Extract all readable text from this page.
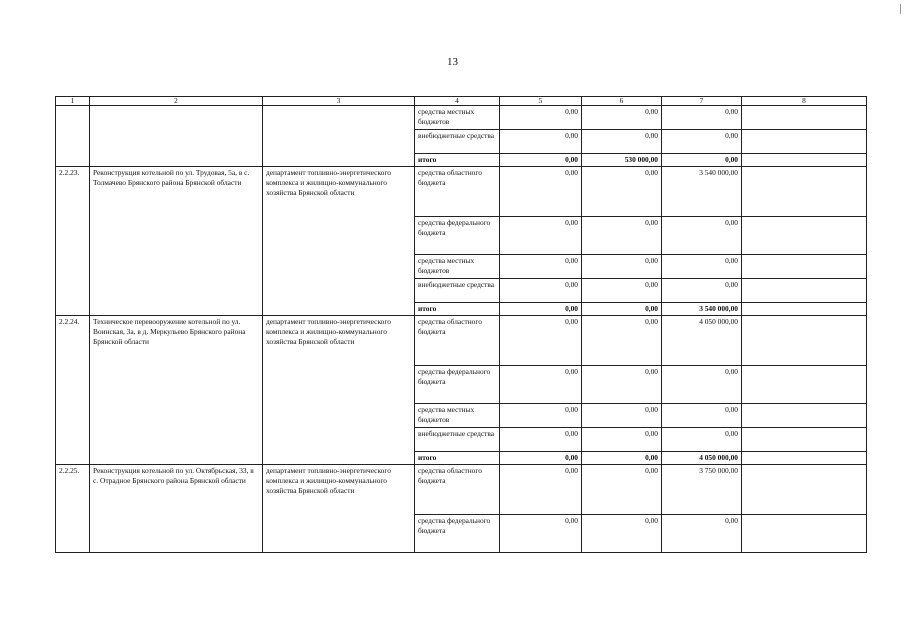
13
1	2	3	4	5	6	7	8
			средства местных бюджетов	0,00	0,00	0,00	
			внебюджетные средства	0,00	0,00	0,00	
			итого	0,00	530 000,00	0,00	
2.2.23.	Реконструкция котельной по ул. Трудовая, 5а, в с. Толмачево Брянского района Брянской области	департамент топливно-энергетического комплекса и жилищно-коммунального хозяйства Брянской области	средства областного бюджета	0,00	0,00	3 540 000,00	
			средства федерального бюджета	0,00	0,00	0,00	
			средства местных бюджетов	0,00	0,00	0,00	
			внебюджетные средства	0,00	0,00	0,00	
			итого	0,00	0,00	3 540 000,00	
2.2.24.	Техническое перевооружение котельной по ул. Воинская, 3а, в д. Меркульево Брянского района Брянской области	департамент топливно-энергетического комплекса и жилищно-коммунального хозяйства Брянской области	средства областного бюджета	0,00	0,00	4 050 000,00	
			средства федерального бюджета	0,00	0,00	0,00	
			средства местных бюджетов	0,00	0,00	0,00	
			внебюджетные средства	0,00	0,00	0,00	
			итого	0,00	0,00	4 050 000,00	
2.2.25.	Реконструкция котельной по ул. Октябрьская, 33, в с. Отрадное Брянского района Брянской области	департамент топливно-энергетического комплекса и жилищно-коммунального хозяйства Брянской области	средства областного бюджета	0,00	0,00	3 750 000,00	
			средства федерального бюджета	0,00	0,00	0,00	
